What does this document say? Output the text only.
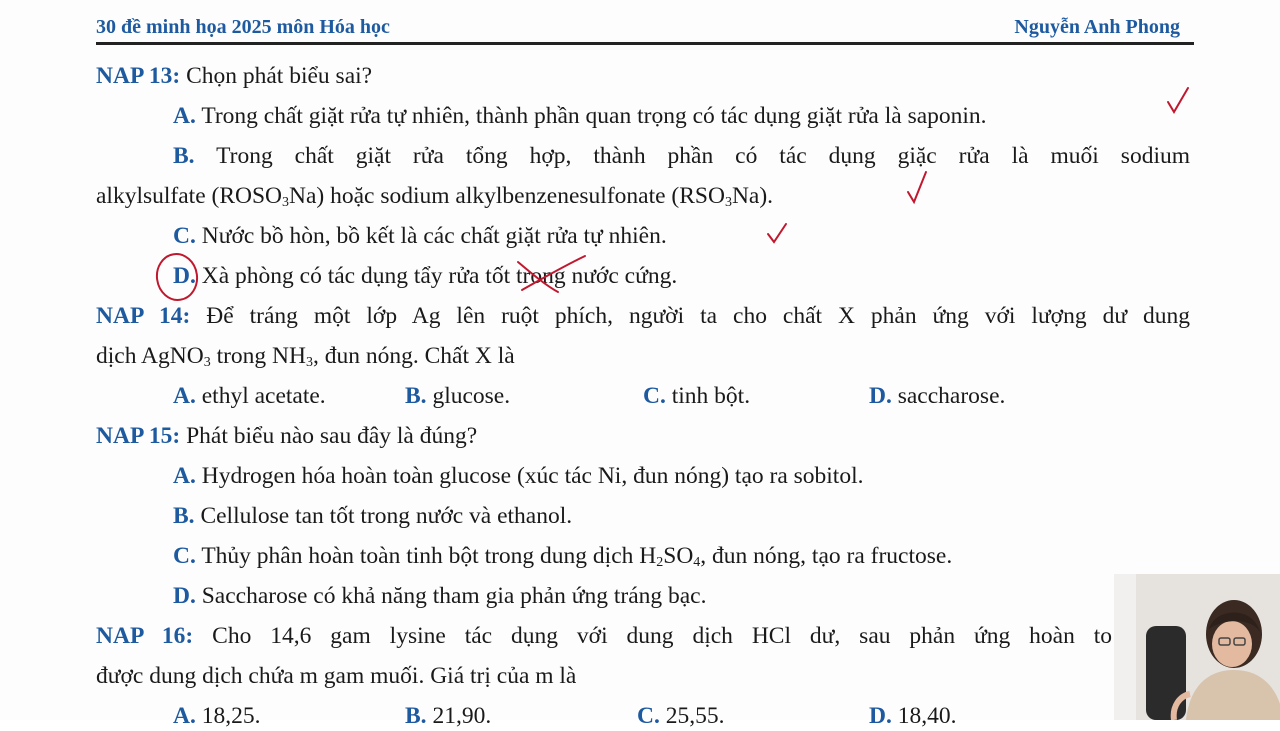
30 đề minh họa 2025 môn Hóa học	Nguyễn Anh Phong
NAP 13: Chọn phát biểu sai?
A. Trong chất giặt rửa tự nhiên, thành phần quan trọng có tác dụng giặt rửa là saponin.
B. Trong chất giặt rửa tổng hợp, thành phần có tác dụng giặc rửa là muối sodium
alkylsulfate $(ROSO_3Na)$ hoặc sodium alkylbenzenesulfonate $(RSO_3Na)$.
C. Nước bồ hòn, bồ kết là các chất giặt rửa tự nhiên.
D. Xà phòng có tác dụng tẩy rửa tốt trong nước cứng.
NAP 14: Để tráng một lớp Ag lên ruột phích, người ta cho chất X phản ứng với lượng dư dung
dịch AgNO$_3$ trong $NH_3$, đun nóng. Chất X là
A. ethyl acetate.	B. glucose.	C. tinh bột.	D. saccharose.
NAP 15: Phát biểu nào sau đây là đúng?
A. Hydrogen hóa hoàn toàn glucose (xúc tác Ni, đun nóng) tạo ra sobitol.
B. Cellulose tan tốt trong nước và ethanol.
C. Thủy phân hoàn toàn tinh bột trong dung dịch $H_2SO_4$, đun nóng, tạo ra fructose.
D. Saccharose có khả năng tham gia phản ứng tráng bạc.
NAP 16: Cho 14,6 gam lysine tác dụng với dung dịch HCl dư, sau phản ứng hoàn to
được dung dịch chứa m gam muối. Giá trị của m là
A. 18,25.	B. 21,90.	C. 25,55.	D. 18,40.
